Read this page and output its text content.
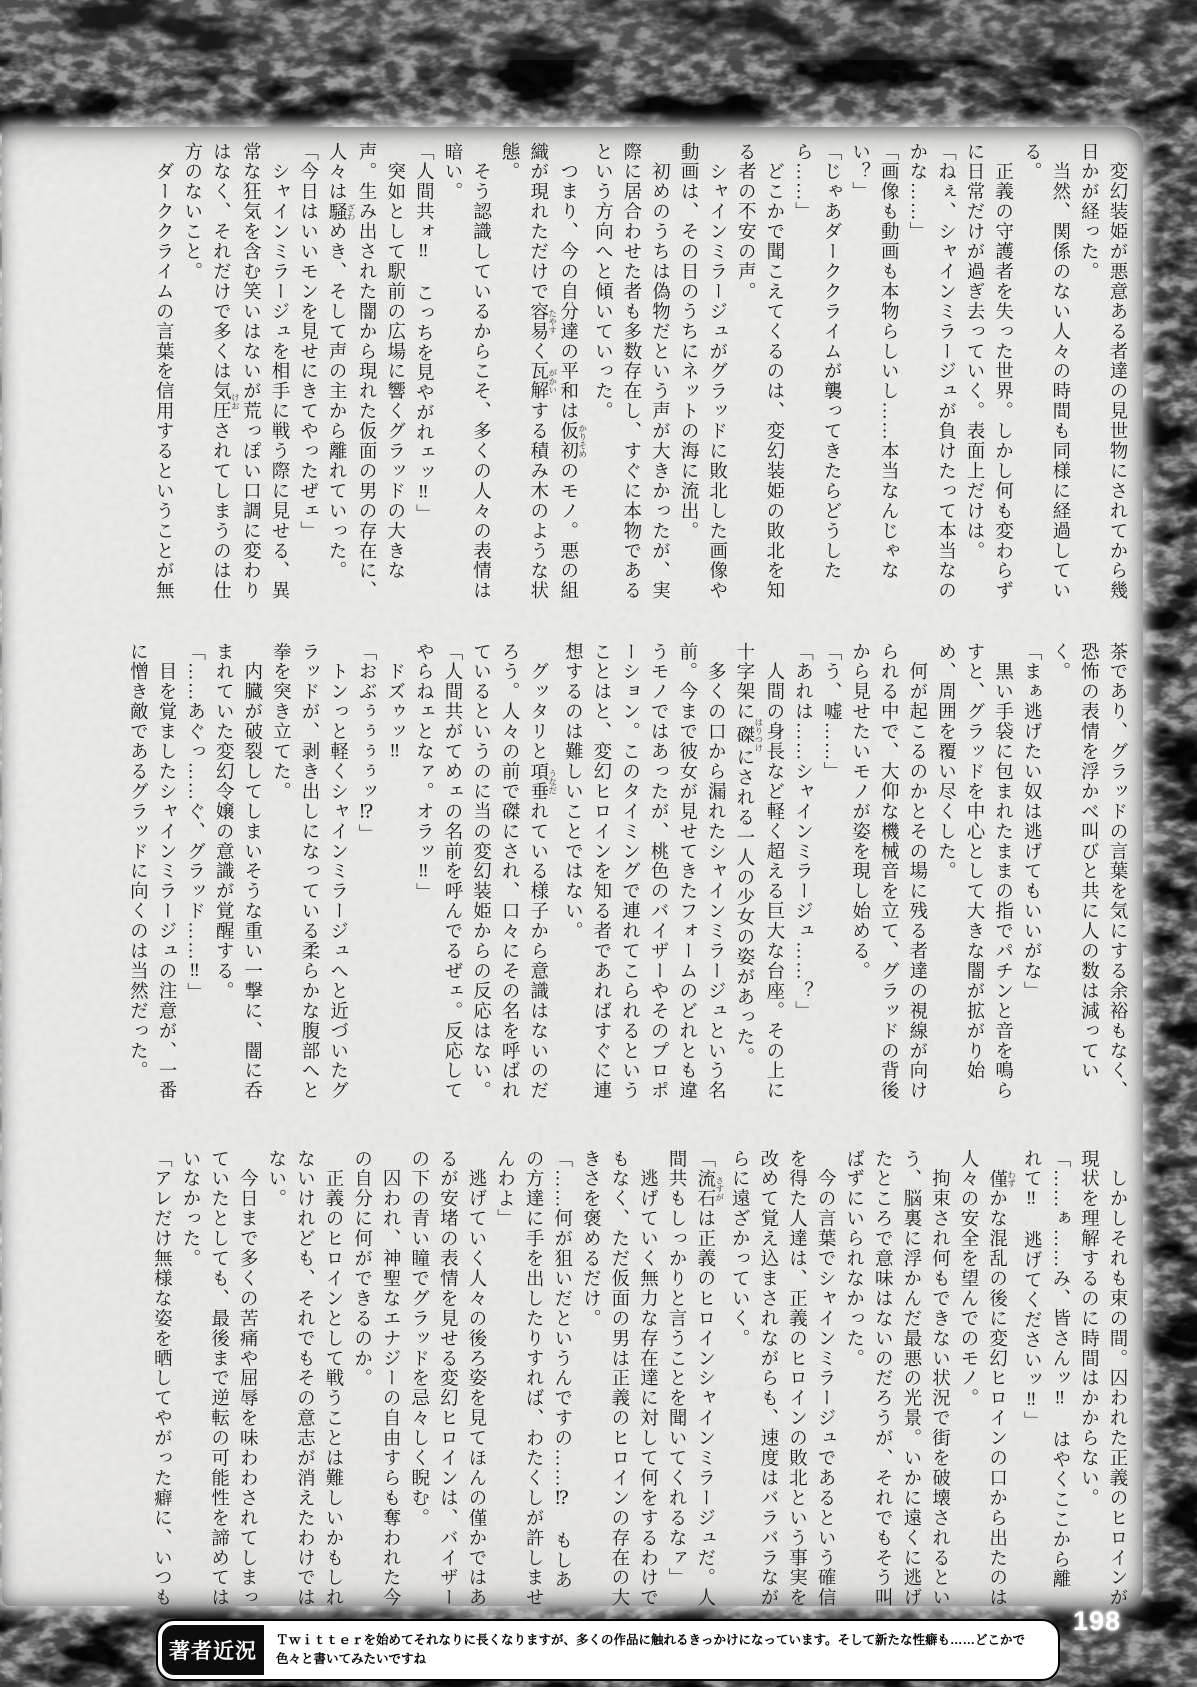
　変幻装姫が悪意ある者達の見世物にされてから幾日かが経った。

　当然、関係のない人々の時間も同様に経過している。

　正義の守護者を失った世界。しかし何も変わらずに日常だけが過ぎ去っていく。表面上だけは。

「ねぇ、シャインミラージュが負けたって本当なのかな……」

「画像も動画も本物らしいし……本当なんじゃない？」

「じゃあダーククライムが襲ってきたらどうしたら……」

　どこかで聞こえてくるのは、変幻装姫の敗北を知る者の不安の声。

　シャインミラージュがグラッドに敗北した画像や動画は、その日のうちにネットの海に流出。

　初めのうちは偽物だという声が大きかったが、実際に居合わせた者も多数存在し、すぐに本物であるという方向へと傾いていった。

　つまり、今の自分達の平和は仮初 かりそめのモノ。悪の組織が現れただけで容易 たやすく瓦解 がかいする積み木のような状態。

　そう認識しているからこそ、多くの人々の表情は暗い。

「人間共ォ‼　こっちを見やがれェッ‼」

　突如として駅前の広場に響くグラッドの大きな声。生み出された闇から現れた仮面の男の存在に、人々は騒 ざわめき、そして声の主から離れていった。

「今日はいいモンを見せにきてやったぜェ」

　シャインミラージュを相手に戦う際に見せる、異常な狂気を含む笑いはないが荒っぽい口調に変わりはなく、それだけで多くは気圧 けおされてしまうのは仕方のないこと。

　ダーククライムの言葉を信用するということが無

茶であり、グラッドの言葉を気にする余裕もなく、恐怖の表情を浮かべ叫びと共に人の数は減っていく。

「まぁ逃げたい奴は逃げてもいいがな」

　黒い手袋に包まれたままの指でパチンと音を鳴らすと、グラッドを中心として大きな闇が拡がり始め、周囲を覆い尽くした。

　何が起こるのかとその場に残る者達の視線が向けられる中で、大仰な機械音を立て、グラッドの背後から見せたいモノが姿を現し始める。

「う、嘘……」

「あれは……シャインミラージュ……？」

　人間の身長など軽く超える巨大な台座。その上に十字架に磔 はりつけにされる一人の少女の姿があった。

　多くの口から漏れたシャインミラージュという名前。今まで彼女が見せてきたフォームのどれとも違うモノではあったが、桃色のバイザーやそのプロポーション。このタイミングで連れてこられるということはと、変幻ヒロインを知る者であればすぐに連想するのは難しいことではない。

　グッタリと項垂 うなだれている様子から意識はないのだろう。人々の前で磔にされ、口々にその名を呼ばれているというのに当の変幻装姫からの反応はない。

「人間共がてめェの名前を呼んでるぜェ。反応してやらねェとなァ。オラッ‼」

　ドズゥッ‼

「おぶぅぅぅぅッ⁉」

　トンっと軽くシャインミラージュへと近づいたグラッドが、剥き出しになっている柔らかな腹部へと拳を突き立てた。

　内臓が破裂してしまいそうな重い一撃に、闇に呑まれていた変幻令嬢の意識が覚醒する。

「……あぐっ……ぐ、グラッド……‼」

　目を覚ましたシャインミラージュの注意が、一番に憎き敵であるグラッドに向くのは当然だった。

　しかしそれも束の間。囚われた正義のヒロインが現状を理解するのに時間はかからない。

「……ぁ……み、皆さんッ‼　はやくここから離れて‼　逃げてくださいッ‼」

　僅 わずかな混乱の後に変幻ヒロインの口から出たのは人々の安全を望んでのモノ。

　拘束され何もできない状況で街を破壊されるという、脳裏に浮かんだ最悪の光景。いかに遠くに逃げたところで意味はないのだろうが、それでもそう叫ばずにいられなかった。

　今の言葉でシャインミラージュであるという確信を得た人達は、正義のヒロインの敗北という事実を改めて覚え込まされながらも、速度はバラバラながらに遠ざかっていく。

「流石 さすがは正義のヒロインシャインミラージュだ。人間共もしっかりと言うことを聞いてくれるなァ」

　逃げていく無力な存在達に対して何をするわけでもなく、ただ仮面の男は正義のヒロインの存在の大きさを褒めるだけ。

「……何が狙いだというんですの……⁉　もしあの方達に手を出したりすれば、わたくしが許しませんわよ」

　逃げていく人々の後ろ姿を見てほんの僅かではあるが安堵の表情を見せる変幻ヒロインは、バイザーの下の青い瞳でグラッドを忌々しく睨む。

　囚われ、神聖なエナジーの自由すらも奪われた今の自分に何ができるのか。

　正義のヒロインとして戦うことは難しいかもしれないけれども、それでもその意志が消えたわけではない。

　今日まで多くの苦痛や屈辱を味わわされてしまっていたとしても、最後まで逆転の可能性を諦めてはいなかった。

「アレだけ無様な姿を晒してやがった癖に、いつも

198
著者近況	Ｔｗｉｔｔｅｒを始めてそれなりに長くなりますが、多くの作品に触れるきっかけになっています。そして新たな性癖も……どこかで色々と書いてみたいですね
